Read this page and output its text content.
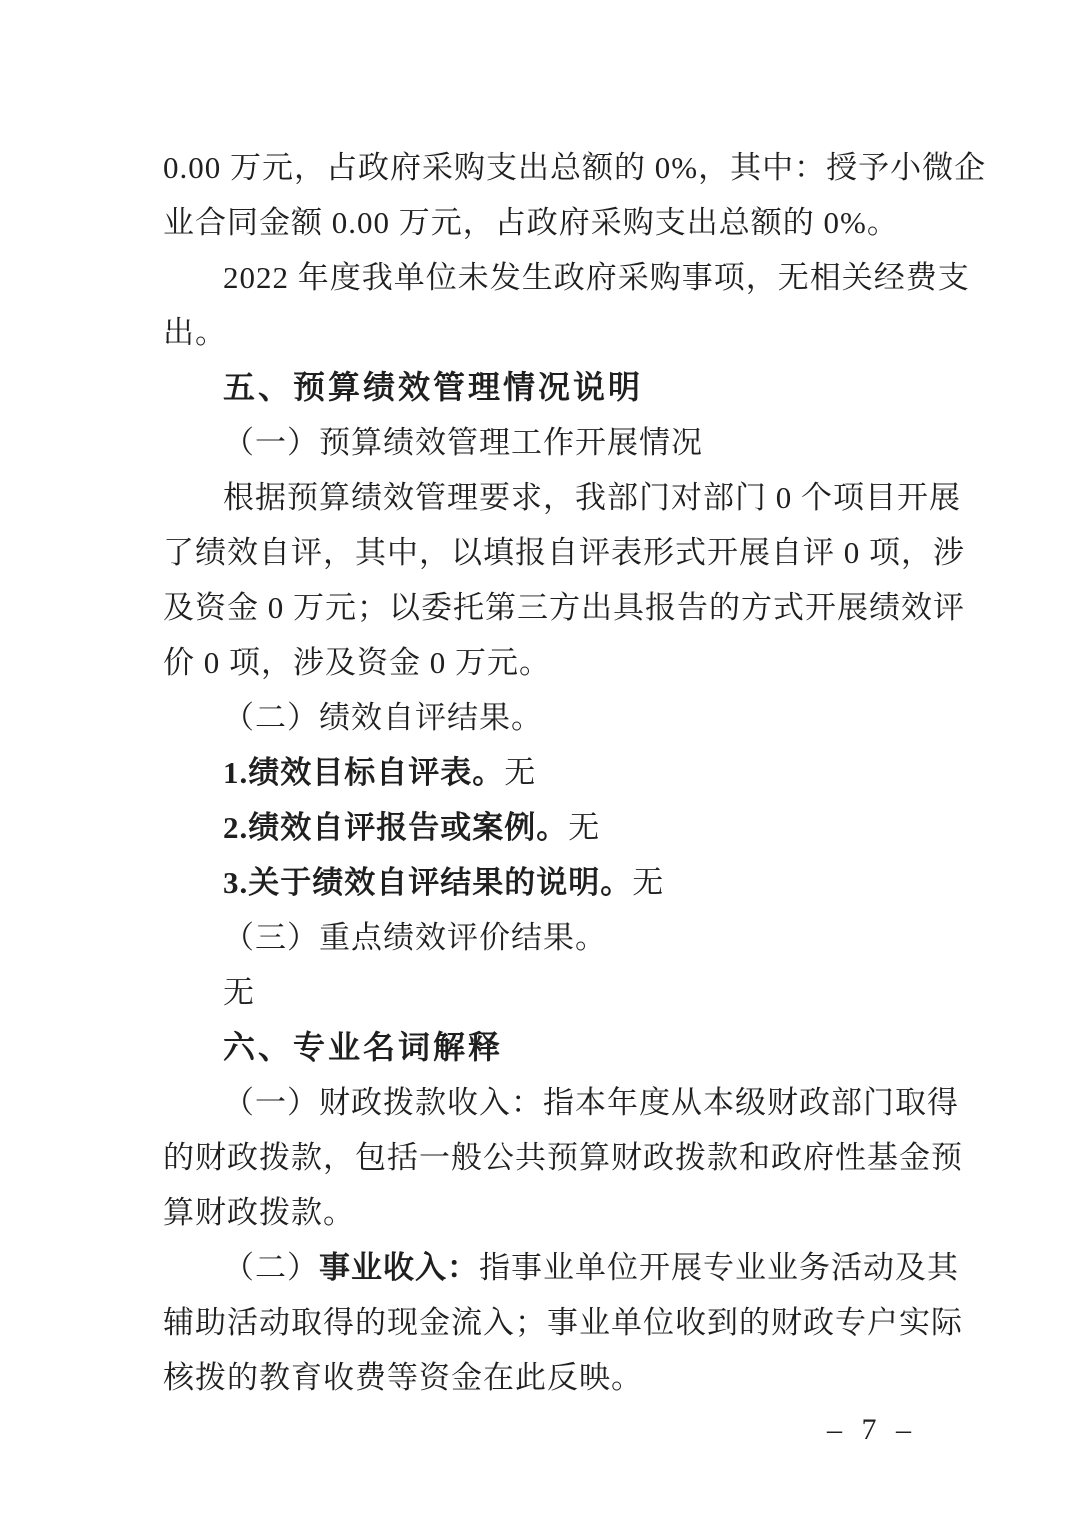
0.00 万元，占政府采购支出总额的 0%，其中：授予小微企
业合同金额 0.00 万元，占政府采购支出总额的 0%。
2022 年度我单位未发生政府采购事项，无相关经费支
出。
五、预算绩效管理情况说明
（一）预算绩效管理工作开展情况
根据预算绩效管理要求，我部门对部门 0 个项目开展
了绩效自评，其中，以填报自评表形式开展自评 0 项，涉
及资金 0 万元；以委托第三方出具报告的方式开展绩效评
价 0 项，涉及资金 0 万元。
（二）绩效自评结果。
1.绩效目标自评表。无
2.绩效自评报告或案例。无
3.关于绩效自评结果的说明。无
（三）重点绩效评价结果。
无
六、专业名词解释
（一）财政拨款收入：指本年度从本级财政部门取得
的财政拨款，包括一般公共预算财政拨款和政府性基金预
算财政拨款。
（二）事业收入：指事业单位开展专业业务活动及其
辅助活动取得的现金流入；事业单位收到的财政专户实际
核拨的教育收费等资金在此反映。
– 7 –
